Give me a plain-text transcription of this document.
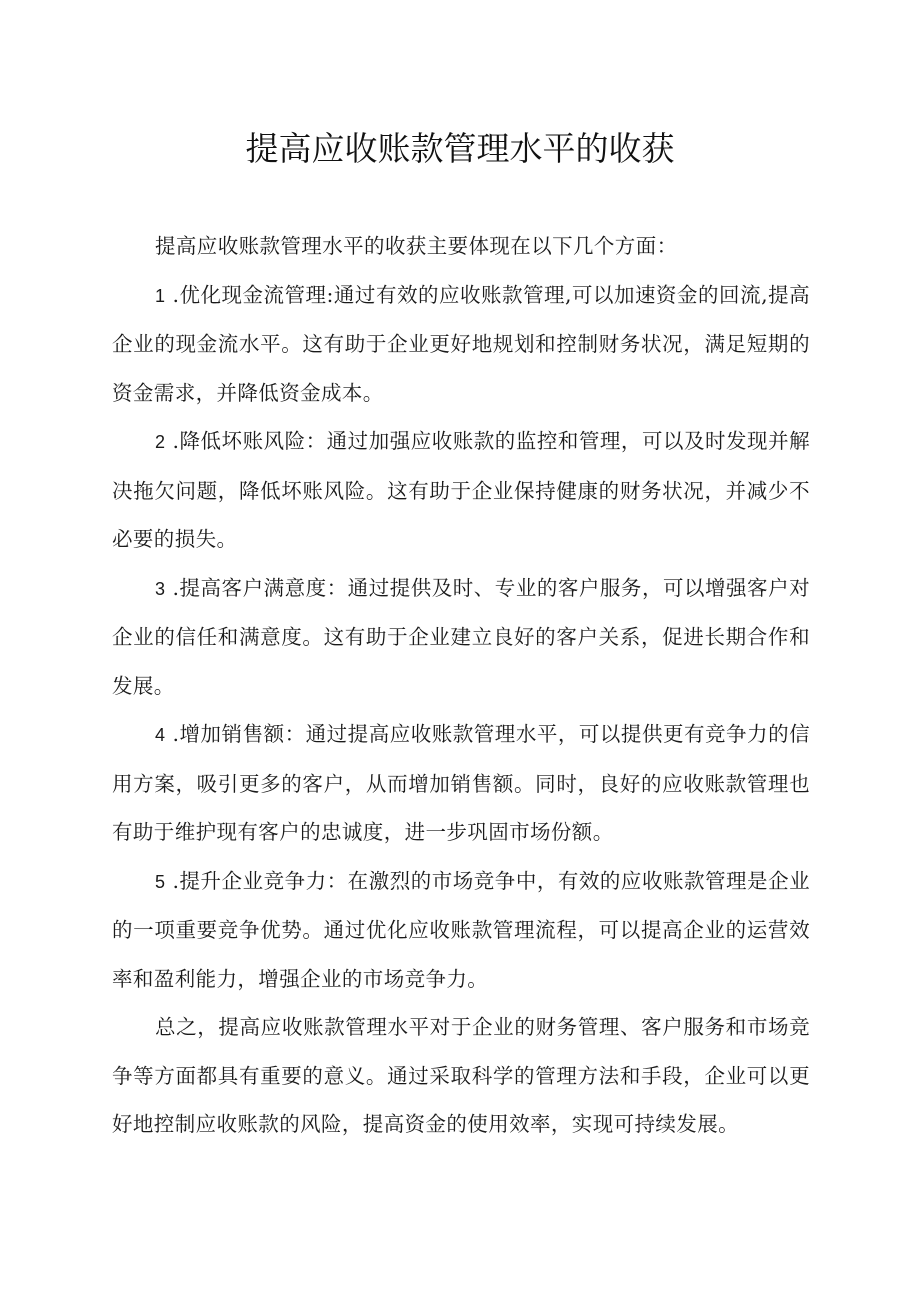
提高应收账款管理水平的收获

提高应收账款管理水平的收获主要体现在以下几个方面：

1 .优化现金流管理:通过有效的应收账款管理,可以加速资金的回流,提高企业的现金流水平。这有助于企业更好地规划和控制财务状况，满足短期的资金需求，并降低资金成本。

2 .降低坏账风险：通过加强应收账款的监控和管理，可以及时发现并解决拖欠问题，降低坏账风险。这有助于企业保持健康的财务状况，并减少不必要的损失。

3 .提高客户满意度：通过提供及时、专业的客户服务，可以增强客户对企业的信任和满意度。这有助于企业建立良好的客户关系，促进长期合作和发展。

4 .增加销售额：通过提高应收账款管理水平，可以提供更有竞争力的信用方案，吸引更多的客户，从而增加销售额。同时，良好的应收账款管理也有助于维护现有客户的忠诚度，进一步巩固市场份额。

5 .提升企业竞争力：在激烈的市场竞争中，有效的应收账款管理是企业的一项重要竞争优势。通过优化应收账款管理流程，可以提高企业的运营效率和盈利能力，增强企业的市场竞争力。

总之，提高应收账款管理水平对于企业的财务管理、客户服务和市场竞争等方面都具有重要的意义。通过采取科学的管理方法和手段，企业可以更好地控制应收账款的风险，提高资金的使用效率，实现可持续发展。
